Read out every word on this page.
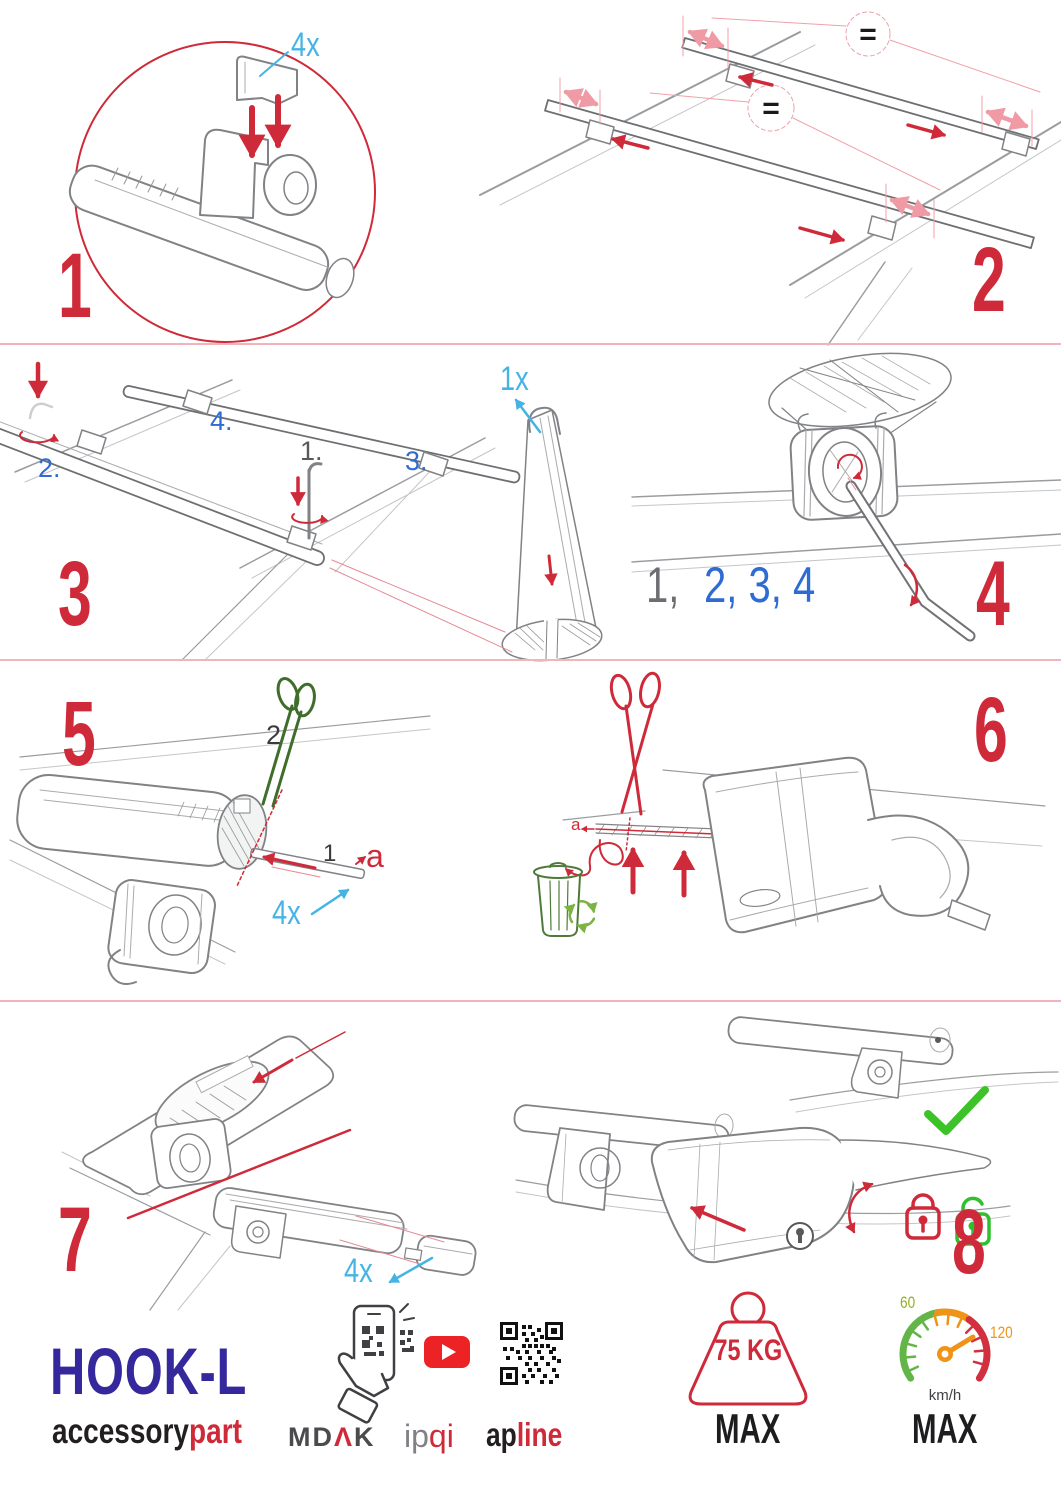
1	2
3	4
5	6
7	8
4x
1x
4x
4x
=
=
1.
2.	3.
4.
1, 2, 3, 4
2
1 a
a
HOOK-L
accessorypart	MDΛK ipqi apline
75 KG
MAX
60
120
km/h
MAX
